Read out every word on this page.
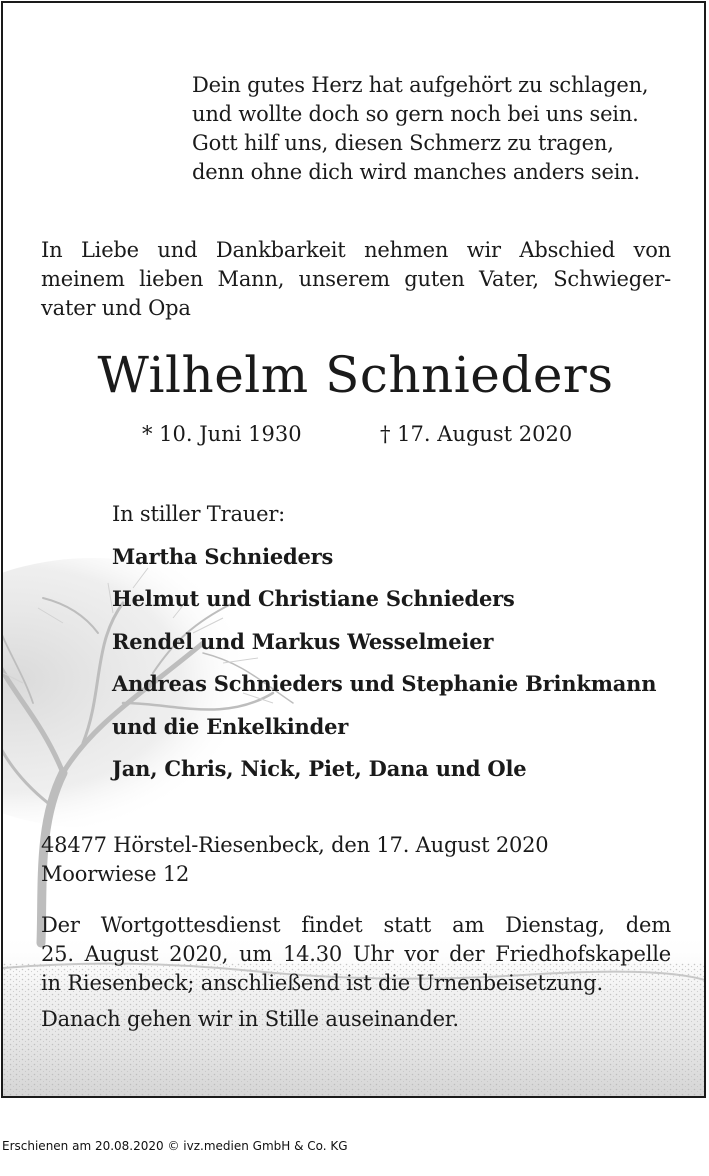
Dein gutes Herz hat aufgehört zu schlagen,
und wollte doch so gern noch bei uns sein.
Gott hilf uns, diesen Schmerz zu tragen,
denn ohne dich wird manches anders sein.
In Liebe und Dankbarkeit nehmen wir Abschied von
meinem lieben Mann, unserem guten Vater, Schwieger-
vater und Opa
Wilhelm Schnieders
* 10. Juni 1930	† 17. August 2020
In stiller Trauer:
Martha Schnieders
Helmut und Christiane Schnieders
Rendel und Markus Wesselmeier
Andreas Schnieders und Stephanie Brinkmann
und die Enkelkinder
Jan, Chris, Nick, Piet, Dana und Ole
48477 Hörstel-Riesenbeck, den 17. August 2020
Moorwiese 12
Der Wortgottesdienst findet statt am Dienstag, dem
25. August 2020, um 14.30 Uhr vor der Friedhofskapelle
in Riesenbeck; anschließend ist die Urnenbeisetzung.
Danach gehen wir in Stille auseinander.
Erschienen am 20.08.2020 © ivz.medien GmbH & Co. KG
